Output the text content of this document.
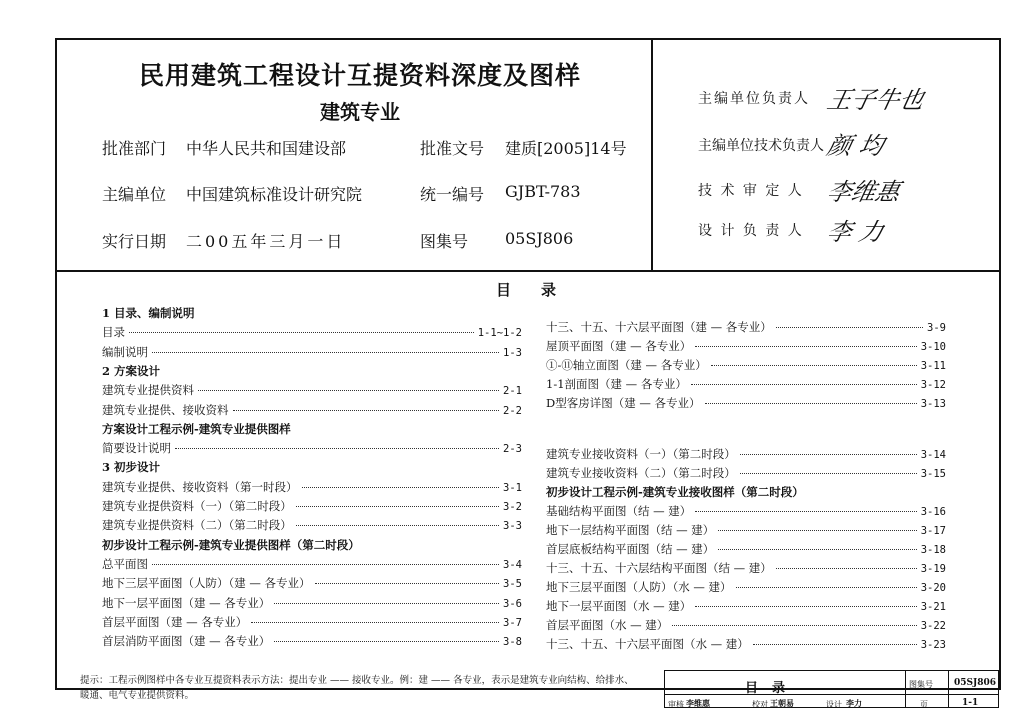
民用建筑工程设计互提资料深度及图样
建筑专业
批准部门 中华人民共和国建设部	批准文号 建质[2005]14号
主编单位 中国建筑标准设计研究院	统一编号 GJBT-783
实行日期 二00五年三月一日	图集号 05SJ806
主编单位负责人 王子牛也
主编单位技术负责人 颜 均
技 术 审 定 人 李维惠
设 计 负 责 人 李 力
目录
1 目录、编制说明
目录	1-1~1-2
编制说明	1-3
2 方案设计
建筑专业提供资料	2-1
建筑专业提供、接收资料	2-2
方案设计工程示例-建筑专业提供图样
简要设计说明	2-3
3 初步设计
建筑专业提供、接收资料（第一时段）	3-1
建筑专业提供资料（一）（第二时段）	3-2
建筑专业提供资料（二）（第二时段）	3-3
初步设计工程示例-建筑专业提供图样（第二时段）
总平面图	3-4
地下三层平面图（人防）（建 — 各专业）	3-5
地下一层平面图（建 — 各专业）	3-6
首层平面图（建 — 各专业）	3-7
首层消防平面图（建 — 各专业）	3-8
十三、十五、十六层平面图（建 — 各专业）	3-9
屋顶平面图（建 — 各专业）	3-10
①-⑪轴立面图（建 — 各专业）	3-11
1-1剖面图（建 — 各专业）	3-12
D型客房详图（建 — 各专业）	3-13
建筑专业接收资料（一）（第二时段）	3-14
建筑专业接收资料（二）（第二时段）	3-15
初步设计工程示例-建筑专业接收图样（第二时段）
基础结构平面图（结 — 建）	3-16
地下一层结构平面图（结 — 建）	3-17
首层底板结构平面图（结 — 建）	3-18
十三、十五、十六层结构平面图（结 — 建）	3-19
地下三层平面图（人防）（水 — 建）	3-20
地下一层平面图（水 — 建）	3-21
首层平面图（水 — 建）	3-22
十三、十五、十六层平面图（水 — 建）	3-23
提示：工程示例图样中各专业互提资料表示方法：提出专业 —— 接收专业。例：建 —— 各专业，表示是建筑专业向结构、给排水、暖通、电气专业提供资料。	目录	图集号 05SJ806
审核 李维惠	校对 王朝易	设计 李力	页	1-1
